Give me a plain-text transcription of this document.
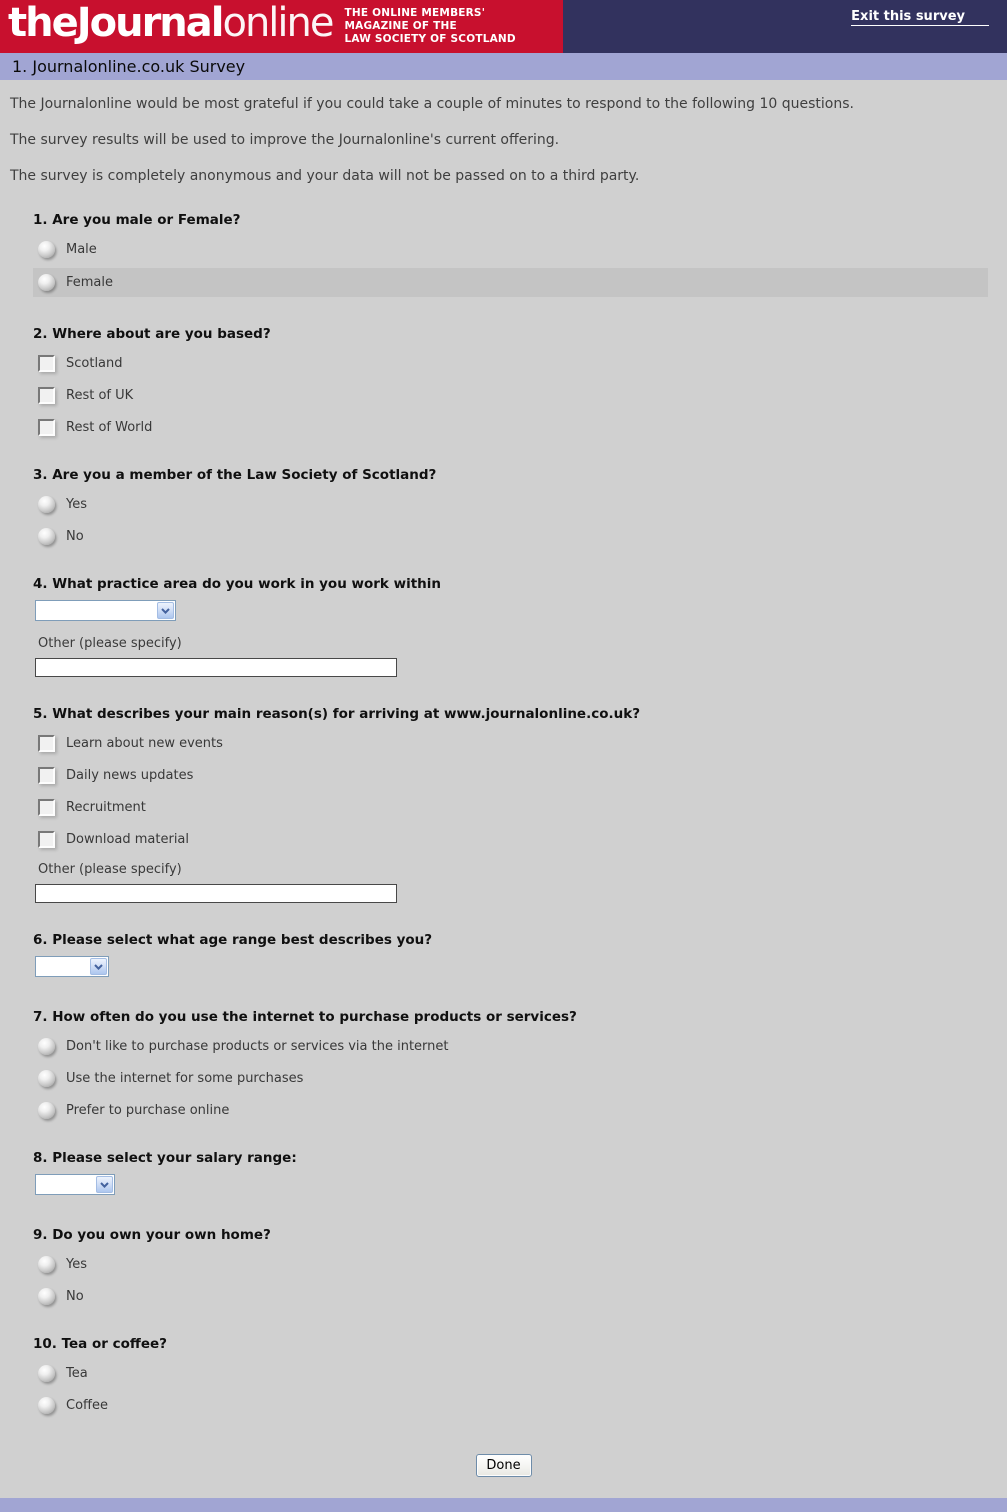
theJournalonline THE ONLINE MEMBERS'
MAGAZINE OF THE
LAW SOCIETY OF SCOTLAND
Exit this survey
1. Journalonline.co.uk Survey

The Journalonline would be most grateful if you could take a couple of minutes to respond to the following 10 questions.

The survey results will be used to improve the Journalonline's current offering.

The survey is completely anonymous and your data will not be passed on to a third party.

1. Are you male or Female?
Male
Female
2. Where about are you based?
Scotland
Rest of UK
Rest of World
3. Are you a member of the Law Society of Scotland?
Yes
No
4. What practice area do you work in you work within
Other (please specify)
5. What describes your main reason(s) for arriving at www.journalonline.co.uk?
Learn about new events
Daily news updates
Recruitment
Download material
Other (please specify)
6. Please select what age range best describes you?
7. How often do you use the internet to purchase products or services?
Don't like to purchase products or services via the internet
Use the internet for some purchases
Prefer to purchase online
8. Please select your salary range:
9. Do you own your own home?
Yes
No
10. Tea or coffee?
Tea
Coffee
Done
